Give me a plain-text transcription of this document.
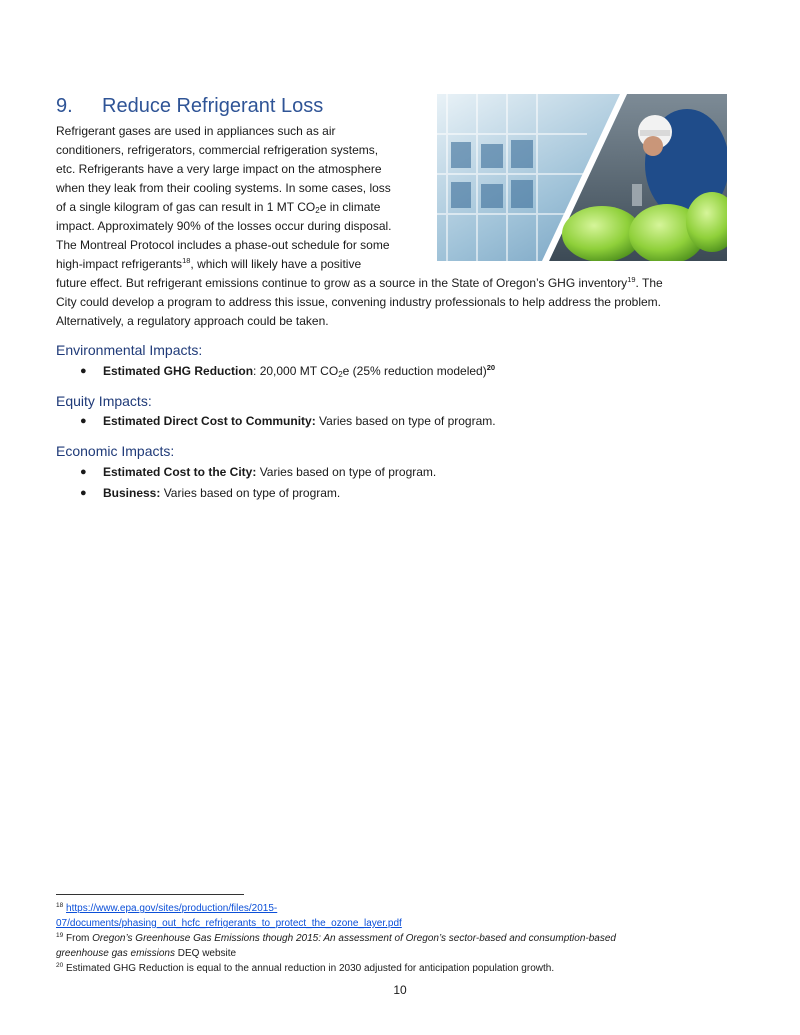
9. Reduce Refrigerant Loss
Refrigerant gases are used in appliances such as air
conditioners, refrigerators, commercial refrigeration systems,
etc. Refrigerants have a very large impact on the atmosphere
when they leak from their cooling systems. In some cases, loss
of a single kilogram of gas can result in 1 MT $CO_2e$ in climate
impact. Approximately 90% of the losses occur during disposal.
The Montreal Protocol includes a phase-out schedule for some
high-impact refrigerants$^{18}$, which will likely have a positive
future effect. But refrigerant emissions continue to grow as a source in the State of Oregon’s GHG inventory$^{19}$. The
City could develop a program to address this issue, convening industry professionals to help address the problem.
Alternatively, a regulatory approach could be taken.
Environmental Impacts:
● Estimated GHG Reduction: 20,000 MT $CO_2e$ (25% reduction modeled)$^{20}$
Equity Impacts:
● Estimated Direct Cost to Community: Varies based on type of program.
Economic Impacts:
● Estimated Cost to the City: Varies based on type of program.
● Business: Varies based on type of program.
$^{18}$ https://www.epa.gov/sites/production/files/2015-
07/documents/phasing_out_hcfc_refrigerants_to_protect_the_ozone_layer.pdf
$^{19}$ From Oregon’s Greenhouse Gas Emissions though 2015: An assessment of Oregon’s sector-based and consumption-based
greenhouse gas emissions DEQ website
$^{20}$ Estimated GHG Reduction is equal to the annual reduction in 2030 adjusted for anticipation population growth.
10
